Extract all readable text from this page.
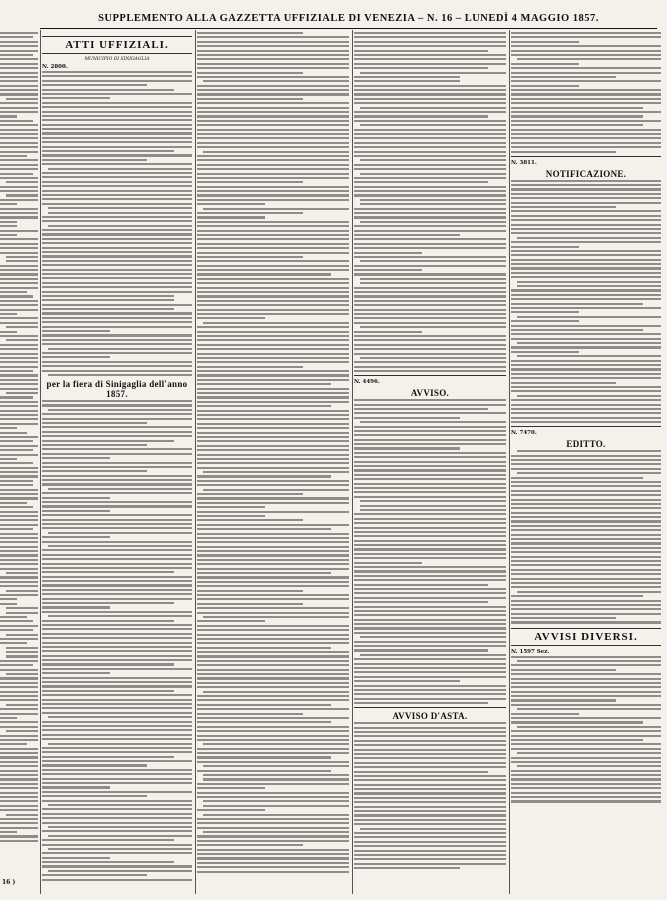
SUPPLEMENTO ALLA GAZZETTA UFFIZIALE DI VENEZIA – N. 16 – LUNEDÌ 4 MAGGIO 1857.
16 )
ATTI UFFIZIALI.
MUNICIPIO DI SINIGAGLIA
N. 2800.
per la fiera di Sinigaglia dell'anno 1857.
N. 4496.
AVVISO.
AVVISO D'ASTA.
N. 3811.
NOTIFICAZIONE.
N. 7470.
EDITTO.
AVVISI DIVERSI.
N. 1597 Sez.
